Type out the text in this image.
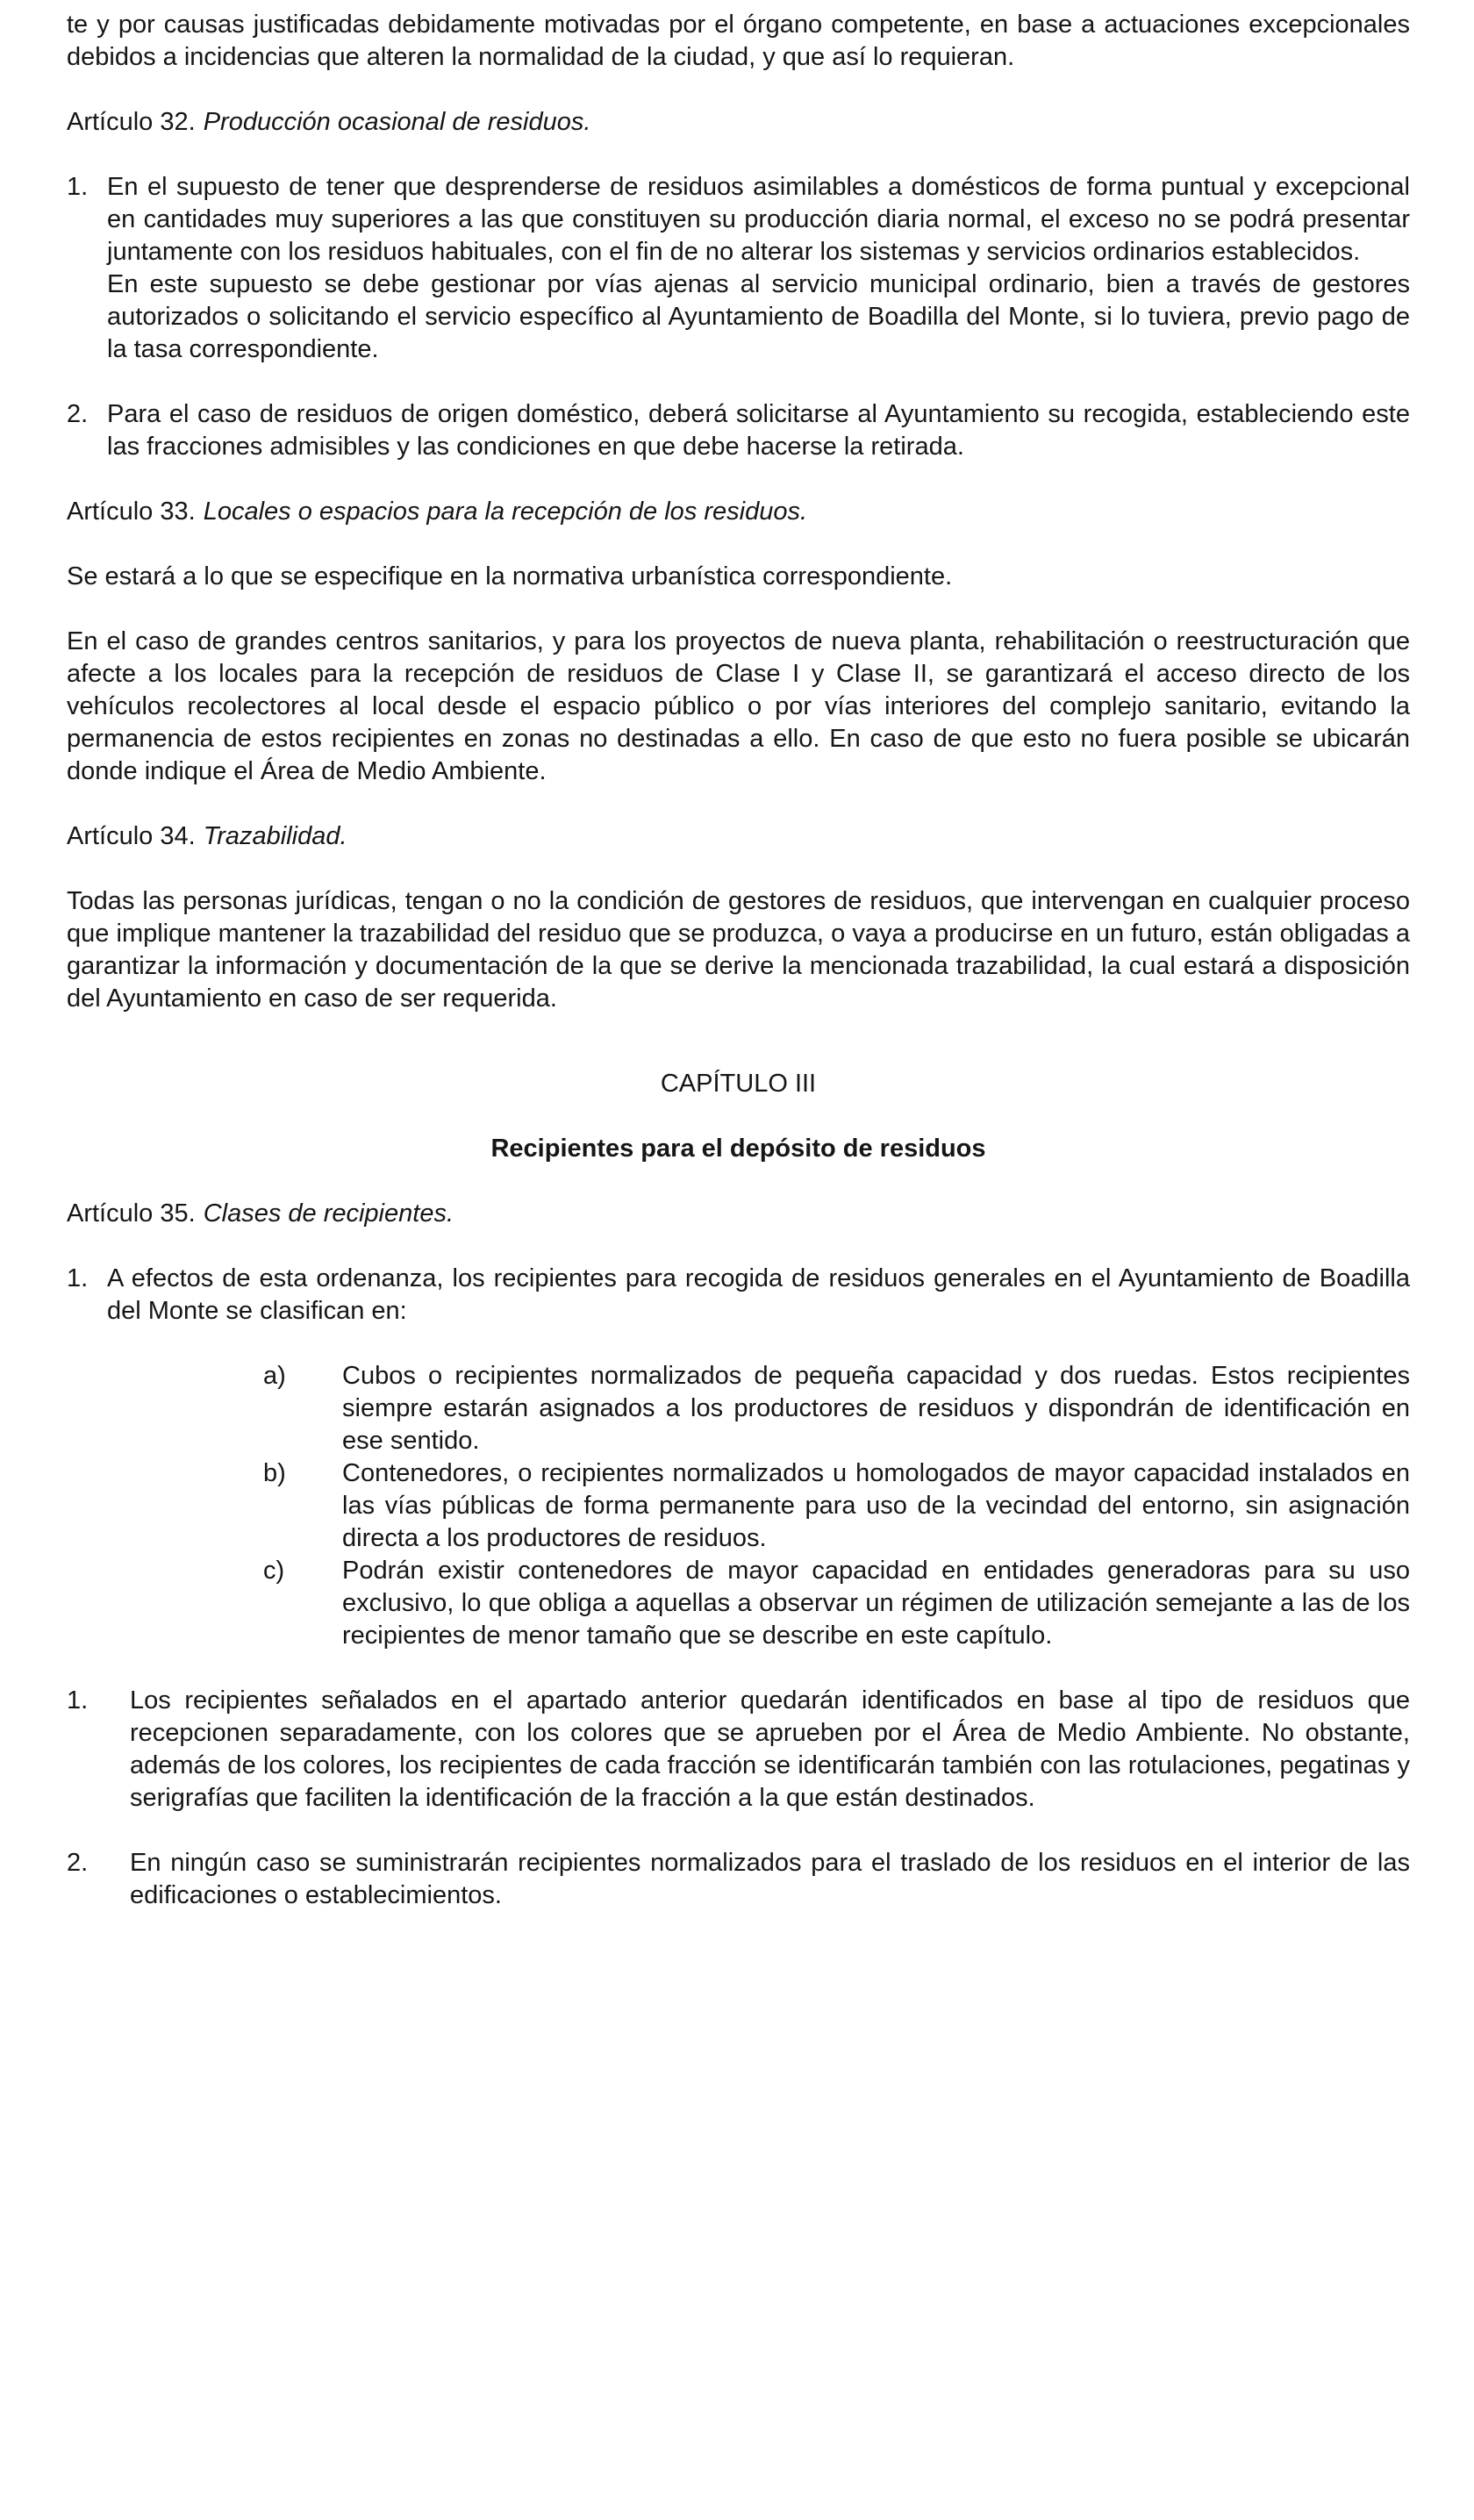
te y por causas justificadas debidamente motivadas por el órgano competente, en base a actuaciones excepcionales debidos a incidencias que alteren la normalidad de la ciudad, y que así lo requieran.

Artículo 32. Producción ocasional de residuos.

1. En el supuesto de tener que desprenderse de residuos asimilables a domésticos de forma puntual y excepcional en cantidades muy superiores a las que constituyen su producción diaria normal, el exceso no se podrá presentar juntamente con los residuos habituales, con el fin de no alterar los sistemas y servicios ordinarios establecidos.
En este supuesto se debe gestionar por vías ajenas al servicio municipal ordinario, bien a través de gestores autorizados o solicitando el servicio específico al Ayuntamiento de Boadilla del Monte, si lo tuviera, previo pago de la tasa correspondiente.
2. Para el caso de residuos de origen doméstico, deberá solicitarse al Ayuntamiento su recogida, estableciendo este las fracciones admisibles y las condiciones en que debe hacerse la retirada.

Artículo 33. Locales o espacios para la recepción de los residuos.

Se estará a lo que se especifique en la normativa urbanística correspondiente.

En el caso de grandes centros sanitarios, y para los proyectos de nueva planta, rehabilitación o reestructuración que afecte a los locales para la recepción de residuos de Clase I y Clase II, se garantizará el acceso directo de los vehículos recolectores al local desde el espacio público o por vías interiores del complejo sanitario, evitando la permanencia de estos recipientes en zonas no destinadas a ello. En caso de que esto no fuera posible se ubicarán donde indique el Área de Medio Ambiente.

Artículo 34. Trazabilidad.

Todas las personas jurídicas, tengan o no la condición de gestores de residuos, que intervengan en cualquier proceso que implique mantener la trazabilidad del residuo que se produzca, o vaya a producirse en un futuro, están obligadas a garantizar la información y documentación de la que se derive la mencionada trazabilidad, la cual estará a disposición del Ayuntamiento en caso de ser requerida.

CAPÍTULO III

Recipientes para el depósito de residuos

Artículo 35. Clases de recipientes.

1. A efectos de esta ordenanza, los recipientes para recogida de residuos generales en el Ayuntamiento de Boadilla del Monte se clasifican en:
a)	Cubos o recipientes normalizados de pequeña capacidad y dos ruedas. Estos recipientes siempre estarán asignados a los productores de residuos y dispondrán de identificación en ese sentido.
b)	Contenedores, o recipientes normalizados u homologados de mayor capacidad instalados en las vías públicas de forma permanente para uso de la vecindad del entorno, sin asignación directa a los productores de residuos.
c)	Podrán existir contenedores de mayor capacidad en entidades generadoras para su uso exclusivo, lo que obliga a aquellas a observar un régimen de utilización semejante a las de los recipientes de menor tamaño que se describe en este capítulo.
1.	Los recipientes señalados en el apartado anterior quedarán identificados en base al tipo de residuos que recepcionen separadamente, con los colores que se aprueben por el Área de Medio Ambiente. No obstante, además de los colores, los recipientes de cada fracción se identificarán también con las rotulaciones, pegatinas y serigrafías que faciliten la identificación de la fracción a la que están destinados.
2.	En ningún caso se suministrarán recipientes normalizados para el traslado de los residuos en el interior de las edificaciones o establecimientos.
